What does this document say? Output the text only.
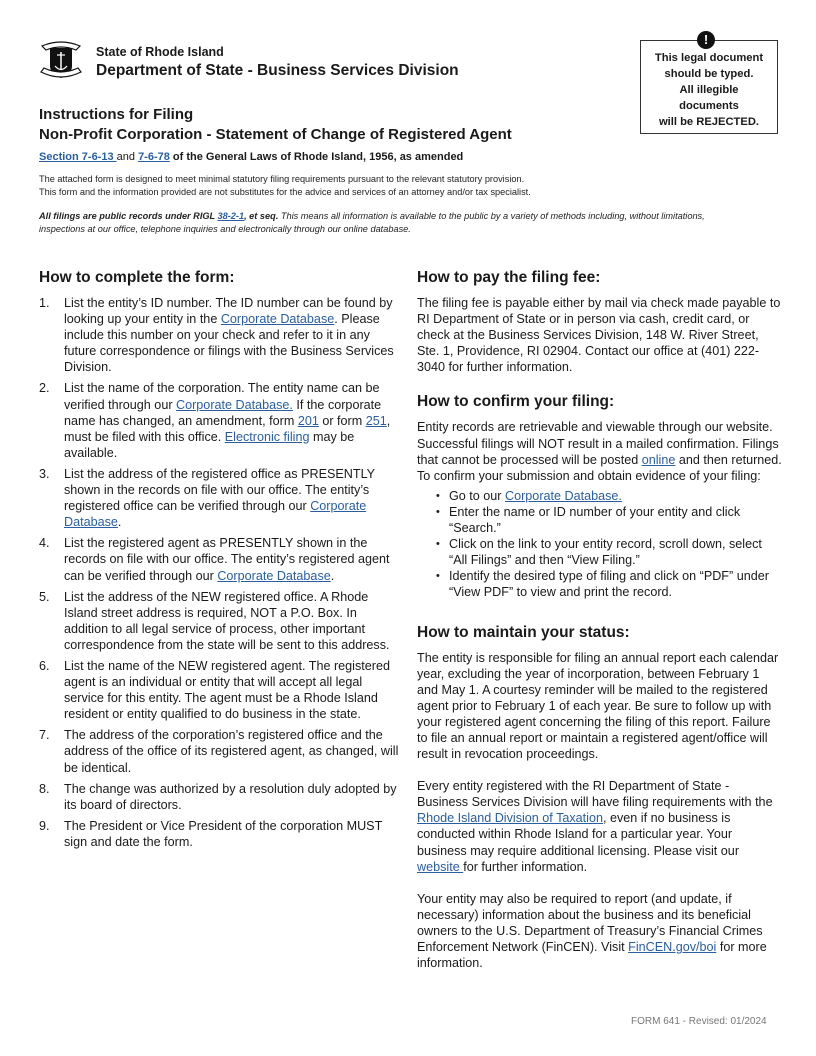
State of Rhode Island
Department of State - Business Services Division
This legal document
should be typed.
All illegible
documents
will be REJECTED.
!
Instructions for Filing
Non-Profit Corporation - Statement of Change of Registered Agent
Section 7-6-13 and 7-6-78 of the General Laws of Rhode Island, 1956, as amended
The attached form is designed to meet minimal statutory filing requirements pursuant to the relevant statutory provision.
This form and the information provided are not substitutes for the advice and services of an attorney and/or tax specialist.
All filings are public records under RIGL 38-2-1, et seq. This means all information is available to the public by a variety of methods including, without limitations, inspections at our office, telephone inquiries and electronically through our online database.
How to complete the form:
1. List the entity’s ID number. The ID number can be found by looking up your entity in the Corporate Database. Please include this number on your check and refer to it in any future correspondence or filings with the Business Services Division.
2. List the name of the corporation. The entity name can be verified through our Corporate Database. If the corporate name has changed, an amendment, form 201 or form 251, must be filed with this office. Electronic filing may be available.
3. List the address of the registered office as PRESENTLY shown in the records on file with our office. The entity’s registered office can be verified through our Corporate Database.
4. List the registered agent as PRESENTLY shown in the records on file with our office. The entity’s registered agent can be verified through our Corporate Database.
5. List the address of the NEW registered office. A Rhode Island street address is required, NOT a P.O. Box. In addition to all legal service of process, other important correspondence from the state will be sent to this address.
6. List the name of the NEW registered agent. The registered agent is an individual or entity that will accept all legal service for this entity. The agent must be a Rhode Island resident or entity qualified to do business in the state.
7. The address of the corporation’s registered office and the address of the office of its registered agent, as changed, will be identical.
8. The change was authorized by a resolution duly adopted by its board of directors.
9. The President or Vice President of the corporation MUST sign and date the form.
How to pay the filing fee:

The filing fee is payable either by mail via check made payable to RI Department of State or in person via cash, credit card, or check at the Business Services Division, 148 W. River Street, Ste. 1, Providence, RI 02904. Contact our office at (401) 222-3040 for further information.

How to confirm your filing:

Entity records are retrievable and viewable through our website. Successful filings will NOT result in a mailed confirmation. Filings that cannot be processed will be posted online and then returned. To confirm your submission and obtain evidence of your filing:

• Go to our Corporate Database.
• Enter the name or ID number of your entity and click “Search.”
• Click on the link to your entity record, scroll down, select “All Filings” and then “View Filing.”
• Identify the desired type of filing and click on “PDF” under “View PDF” to view and print the record.
How to maintain your status:

The entity is responsible for filing an annual report each calendar year, excluding the year of incorporation, between February 1 and May 1. A courtesy reminder will be mailed to the registered agent prior to February 1 of each year. Be sure to follow up with your registered agent concerning the filing of this report. Failure to file an annual report or maintain a registered agent/office will result in revocation proceedings.

Every entity registered with the RI Department of State - Business Services Division will have filing requirements with the Rhode Island Division of Taxation, even if no business is conducted within Rhode Island for a particular year. Your business may require additional licensing. Please visit our website for further information.

Your entity may also be required to report (and update, if necessary) information about the business and its beneficial owners to the U.S. Department of Treasury’s Financial Crimes Enforcement Network (FinCEN). Visit FinCEN.gov/boi for more information.

FORM 641 - Revised: 01/2024
